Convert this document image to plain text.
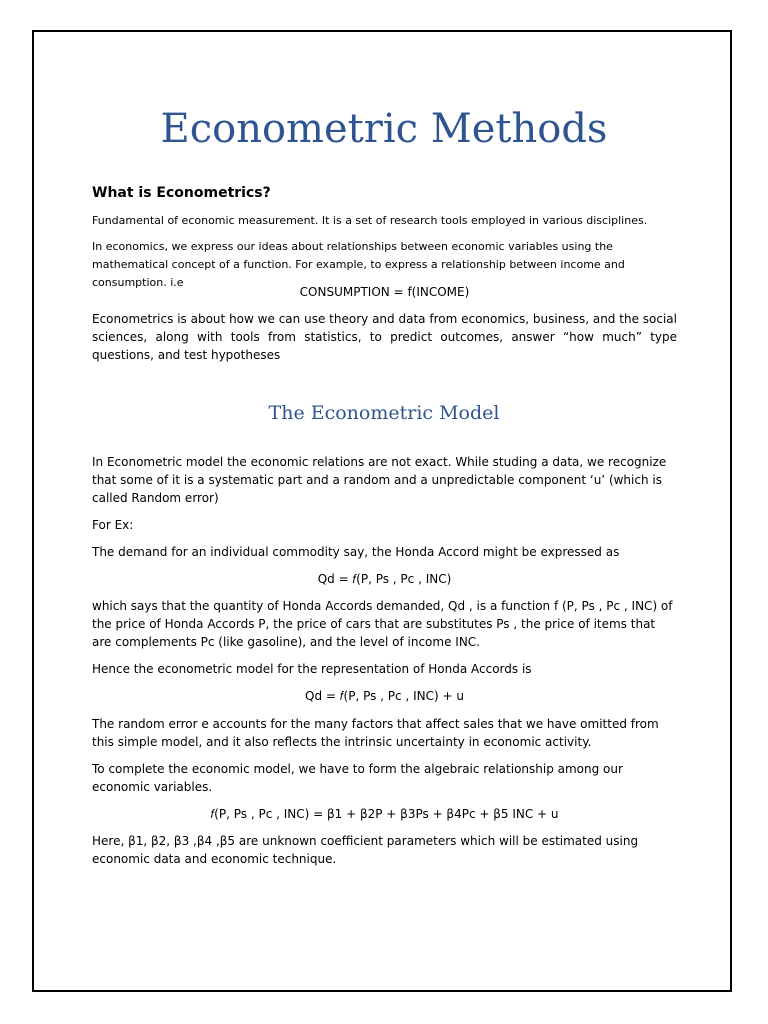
Econometric Methods

What is Econometrics?

Fundamental of economic measurement. It is a set of research tools employed in various disciplines.

In economics, we express our ideas about relationships between economic variables using the mathematical concept of a function. For example, to express a relationship between income and consumption. i.e

CONSUMPTION = f(INCOME)

Econometrics is about how we can use theory and data from economics, business, and the social sciences, along with tools from statistics, to predict outcomes, answer “how much” type questions, and test hypotheses

The Econometric Model

In Econometric model the economic relations are not exact. While studing a data, we recognize that some of it is a systematic part and a random and a unpredictable component ‘u’ (which is called Random error)

For Ex:

The demand for an individual commodity say, the Honda Accord might be expressed as

Qd = 𝑓(P, Ps , Pc , INC)

which says that the quantity of Honda Accords demanded, Qd , is a function f (P, Ps , Pc , INC) of the price of Honda Accords P, the price of cars that are substitutes Ps , the price of items that are complements Pc (like gasoline), and the level of income INC.

Hence the econometric model for the representation of Honda Accords is

Qd = 𝑓(P, Ps , Pc , INC) + u

The random error e accounts for the many factors that affect sales that we have omitted from this simple model, and it also reflects the intrinsic uncertainty in economic activity.

To complete the economic model, we have to form the algebraic relationship among our economic variables.

𝑓(P, Ps , Pc , INC) = β1 + β2P + β3Ps + β4Pc + β5 INC + u

Here, β1, β2, β3 ,β4 ,β5 are unknown coefficient parameters which will be estimated using economic data and economic technique.
